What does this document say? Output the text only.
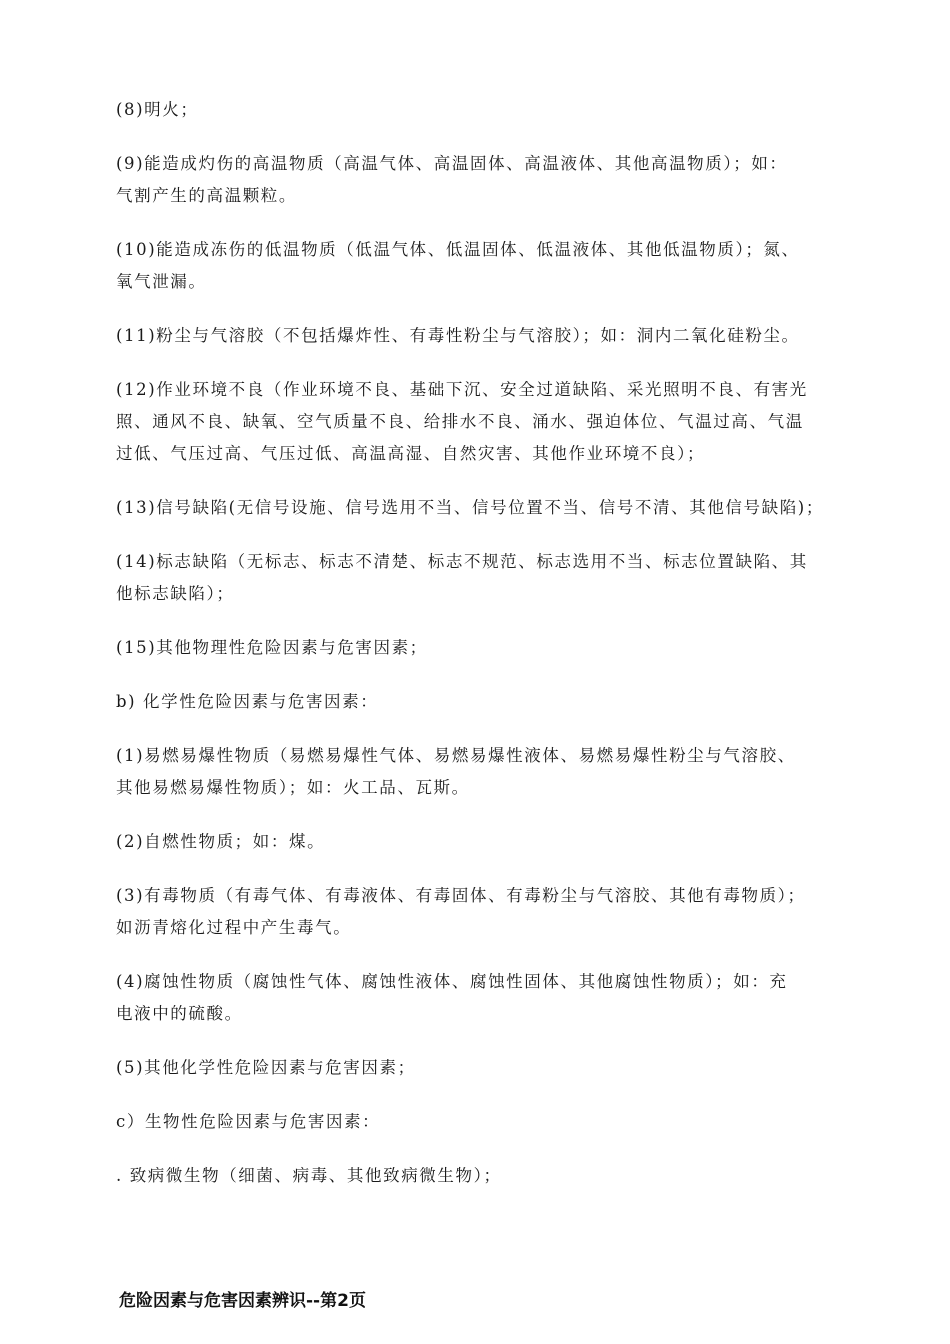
(8)明火；
(9)能造成灼伤的高温物质（高温气体、高温固体、高温液体、其他高温物质）；如：
气割产生的高温颗粒。
(10)能造成冻伤的低温物质（低温气体、低温固体、低温液体、其他低温物质）；氮、
氧气泄漏。
(11)粉尘与气溶胶（不包括爆炸性、有毒性粉尘与气溶胶）；如：洞内二氧化硅粉尘。
(12)作业环境不良（作业环境不良、基础下沉、安全过道缺陷、采光照明不良、有害光
照、通风不良、缺氧、空气质量不良、给排水不良、涌水、强迫体位、气温过高、气温
过低、气压过高、气压过低、高温高湿、自然灾害、其他作业环境不良）；
(13)信号缺陷(无信号设施、信号选用不当、信号位置不当、信号不清、其他信号缺陷)；
(14)标志缺陷（无标志、标志不清楚、标志不规范、标志选用不当、标志位置缺陷、其
他标志缺陷）；
(15)其他物理性危险因素与危害因素；
b) 化学性危险因素与危害因素：
(1)易燃易爆性物质（易燃易爆性气体、易燃易爆性液体、易燃易爆性粉尘与气溶胶、
其他易燃易爆性物质）；如：火工品、瓦斯。
(2)自燃性物质；如：煤。
(3)有毒物质（有毒气体、有毒液体、有毒固体、有毒粉尘与气溶胶、其他有毒物质）；
如沥青熔化过程中产生毒气。
(4)腐蚀性物质（腐蚀性气体、腐蚀性液体、腐蚀性固体、其他腐蚀性物质）；如：充
电液中的硫酸。
(5)其他化学性危险因素与危害因素；
c）生物性危险因素与危害因素：
. 致病微生物（细菌、病毒、其他致病微生物）；
危险因素与危害因素辨识--第2页
